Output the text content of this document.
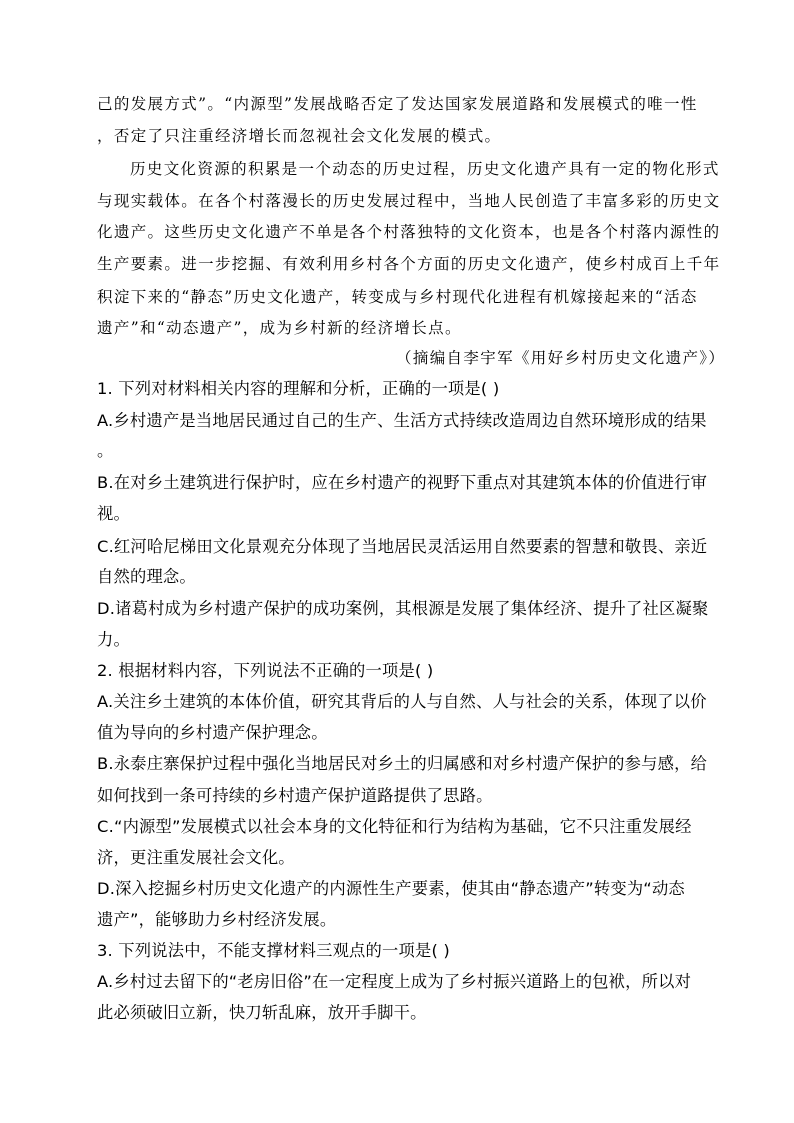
己的发展方式”。“内源型”发展战略否定了发达国家发展道路和发展模式的唯一性
，否定了只注重经济增长而忽视社会文化发展的模式。
历史文化资源的积累是一个动态的历史过程，历史文化遗产具有一定的物化形式
与现实载体。在各个村落漫长的历史发展过程中，当地人民创造了丰富多彩的历史文
化遗产。这些历史文化遗产不单是各个村落独特的文化资本，也是各个村落内源性的
生产要素。进一步挖掘、有效利用乡村各个方面的历史文化遗产，使乡村成百上千年
积淀下来的“静态”历史文化遗产，转变成与乡村现代化进程有机嫁接起来的“活态
遗产”和“动态遗产”，成为乡村新的经济增长点。
（摘编自李宇军《用好乡村历史文化遗产》）
1. 下列对材料相关内容的理解和分析，正确的一项是( )
A.乡村遗产是当地居民通过自己的生产、生活方式持续改造周边自然环境形成的结果
。
B.在对乡土建筑进行保护时，应在乡村遗产的视野下重点对其建筑本体的价值进行审
视。
C.红河哈尼梯田文化景观充分体现了当地居民灵活运用自然要素的智慧和敬畏、亲近
自然的理念。
D.诸葛村成为乡村遗产保护的成功案例，其根源是发展了集体经济、提升了社区凝聚
力。
2. 根据材料内容，下列说法不正确的一项是( )
A.关注乡土建筑的本体价值，研究其背后的人与自然、人与社会的关系，体现了以价
值为导向的乡村遗产保护理念。
B.永泰庄寨保护过程中强化当地居民对乡土的归属感和对乡村遗产保护的参与感，给
如何找到一条可持续的乡村遗产保护道路提供了思路。
C.“内源型”发展模式以社会本身的文化特征和行为结构为基础，它不只注重发展经
济，更注重发展社会文化。
D.深入挖掘乡村历史文化遗产的内源性生产要素，使其由“静态遗产”转变为“动态
遗产”，能够助力乡村经济发展。
3. 下列说法中，不能支撑材料三观点的一项是( )
A.乡村过去留下的“老房旧俗”在一定程度上成为了乡村振兴道路上的包袱，所以对
此必须破旧立新，快刀斩乱麻，放开手脚干。
